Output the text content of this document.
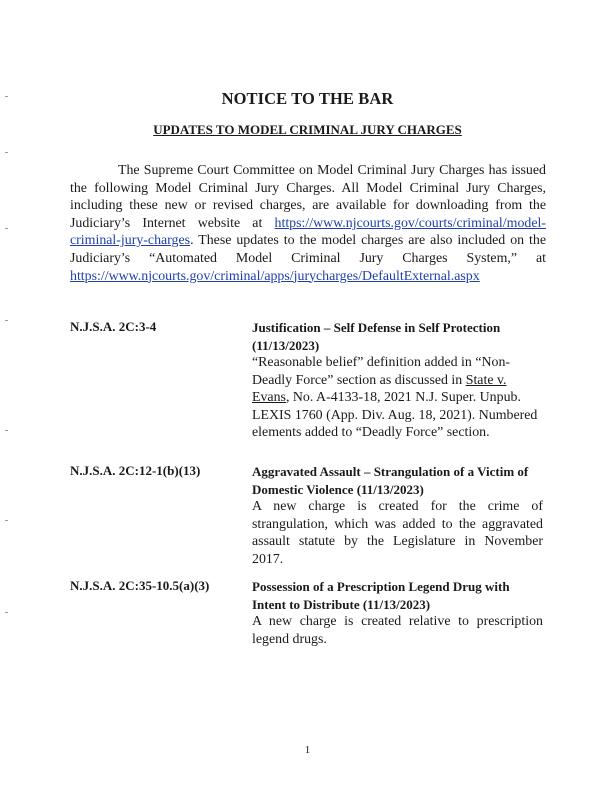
NOTICE TO THE BAR
UPDATES TO MODEL CRIMINAL JURY CHARGES

The Supreme Court Committee on Model Criminal Jury Charges has issued the following Model Criminal Jury Charges. All Model Criminal Jury Charges, including these new or revised charges, are available for downloading from the Judiciary’s Internet website at https://www.njcourts.gov/courts/criminal/model-criminal-jury-charges. These updates to the model charges are also included on the Judiciary’s “Automated Model Criminal Jury Charges System,” at https://www.njcourts.gov/criminal/apps/jurycharges/DefaultExternal.aspx

N.J.S.A. 2C:3-4	Justification – Self Defense in Self Protection (11/13/2023)

“Reasonable belief” definition added in “Non-Deadly Force” section as discussed in State v. Evans, No. A-4133-18, 2021 N.J. Super. Unpub. LEXIS 1760 (App. Div. Aug. 18, 2021). Numbered elements added to “Deadly Force” section.

N.J.S.A. 2C:12-1(b)(13)	Aggravated Assault – Strangulation of a Victim of Domestic Violence (11/13/2023)

A new charge is created for the crime of strangulation, which was added to the aggravated assault statute by the Legislature in November 2017.

N.J.S.A. 2C:35-10.5(a)(3)	Possession of a Prescription Legend Drug with Intent to Distribute (11/13/2023)

A new charge is created relative to prescription legend drugs.

1
